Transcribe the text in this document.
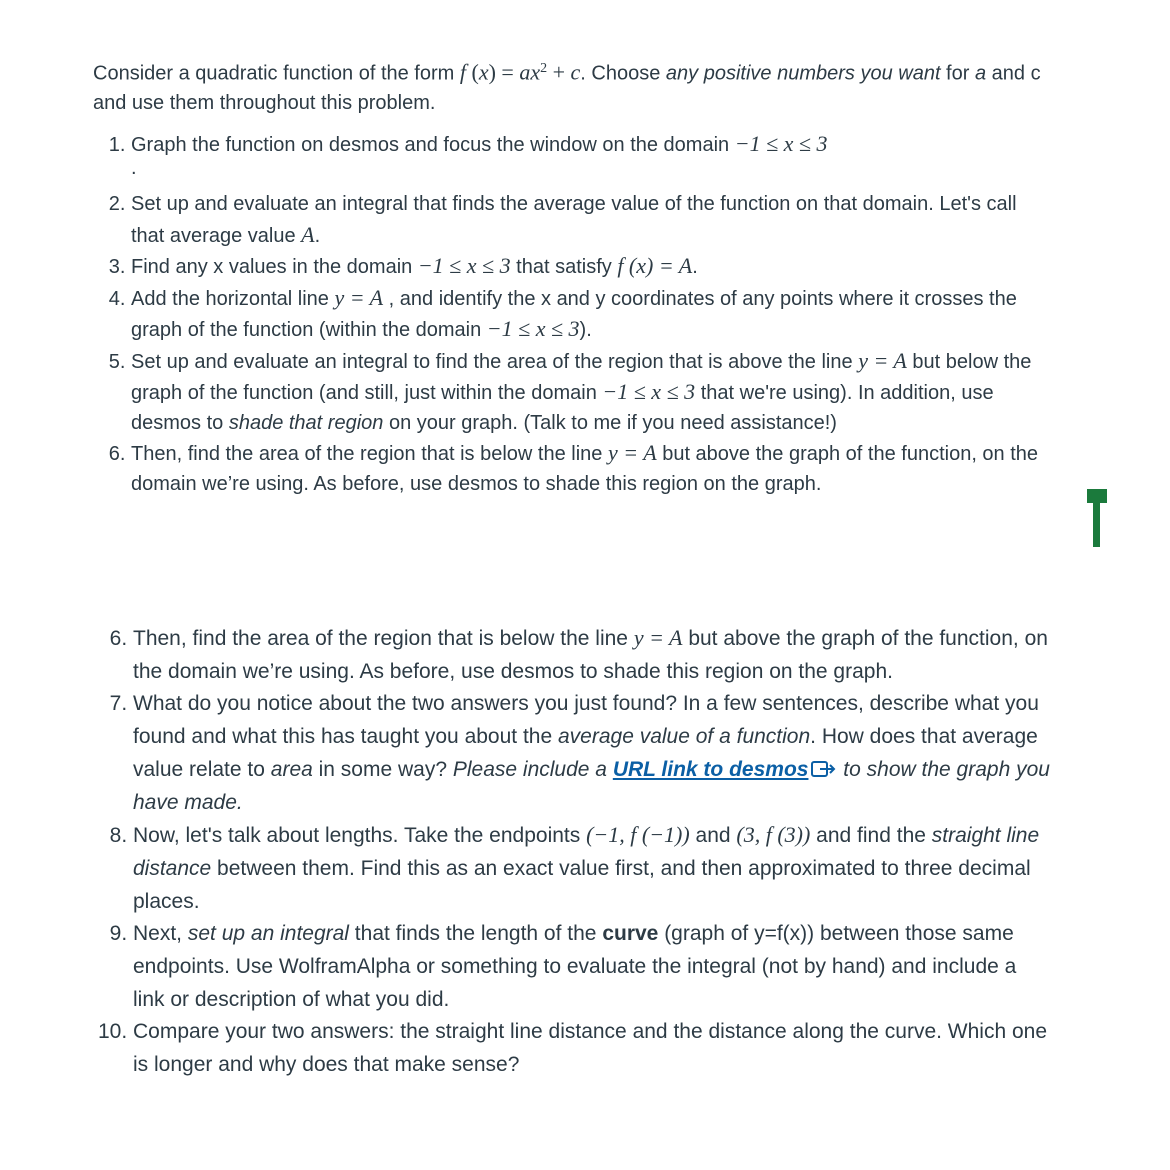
Consider a quadratic function of the form f $(x) = ax^2 + c$. Choose any positive numbers you want for a and c and use them throughout this problem.

1. Graph the function on desmos and focus the window on the domain −1 ≤ x ≤ 3
.
2. Set up and evaluate an integral that finds the average value of the function on that domain. Let's call that average value A.
3. Find any x values in the domain −1 ≤ x ≤ 3 that satisfy f (x) = A.
4. Add the horizontal line y = A , and identify the x and y coordinates of any points where it crosses the graph of the function (within the domain −1 ≤ x ≤ 3).
5. Set up and evaluate an integral to find the area of the region that is above the line y = A but below the graph of the function (and still, just within the domain −1 ≤ x ≤ 3 that we're using). In addition, use desmos to shade that region on your graph. (Talk to me if you need assistance!)
6. Then, find the area of the region that is below the line y = A but above the graph of the function, on the domain we’re using. As before, use desmos to shade this region on the graph.
6. Then, find the area of the region that is below the line y = A but above the graph of the function, on the domain we’re using. As before, use desmos to shade this region on the graph.
7. What do you notice about the two answers you just found? In a few sentences, describe what you found and what this has taught you about the average value of a function. How does that average value relate to area in some way? Please include a URL link to desmos to show the graph you have made.
8. Now, let's talk about lengths. Take the endpoints (−1, f (−1)) and (3, f (3)) and find the straight line distance between them. Find this as an exact value first, and then approximated to three decimal places.
9. Next, set up an integral that finds the length of the curve (graph of y=f(x)) between those same endpoints. Use WolframAlpha or something to evaluate the integral (not by hand) and include a link or description of what you did.
10. Compare your two answers: the straight line distance and the distance along the curve. Which one is longer and why does that make sense?
